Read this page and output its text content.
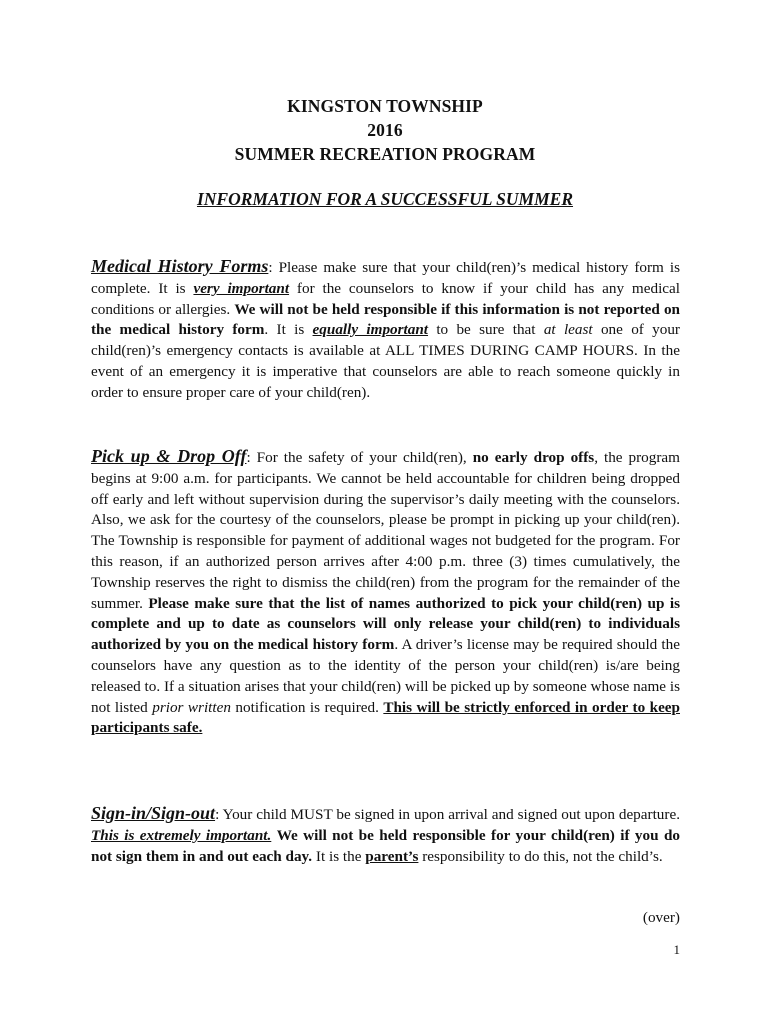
KINGSTON TOWNSHIP
2016
SUMMER RECREATION PROGRAM
INFORMATION FOR A SUCCESSFUL SUMMER
Medical History Forms: Please make sure that your child(ren)’s medical history form is complete. It is very important for the counselors to know if your child has any medical conditions or allergies. We will not be held responsible if this information is not reported on the medical history form. It is equally important to be sure that at least one of your child(ren)’s emergency contacts is available at ALL TIMES DURING CAMP HOURS. In the event of an emergency it is imperative that counselors are able to reach someone quickly in order to ensure proper care of your child(ren).
Pick up & Drop Off: For the safety of your child(ren), no early drop offs, the program begins at 9:00 a.m. for participants. We cannot be held accountable for children being dropped off early and left without supervision during the supervisor’s daily meeting with the counselors. Also, we ask for the courtesy of the counselors, please be prompt in picking up your child(ren). The Township is responsible for payment of additional wages not budgeted for the program. For this reason, if an authorized person arrives after 4:00 p.m. three (3) times cumulatively, the Township reserves the right to dismiss the child(ren) from the program for the remainder of the summer. Please make sure that the list of names authorized to pick your child(ren) up is complete and up to date as counselors will only release your child(ren) to individuals authorized by you on the medical history form. A driver’s license may be required should the counselors have any question as to the identity of the person your child(ren) is/are being released to. If a situation arises that your child(ren) will be picked up by someone whose name is not listed prior written notification is required. This will be strictly enforced in order to keep participants safe.
Sign-in/Sign-out: Your child MUST be signed in upon arrival and signed out upon departure. This is extremely important. We will not be held responsible for your child(ren) if you do not sign them in and out each day. It is the parent’s responsibility to do this, not the child’s.
(over)
1
